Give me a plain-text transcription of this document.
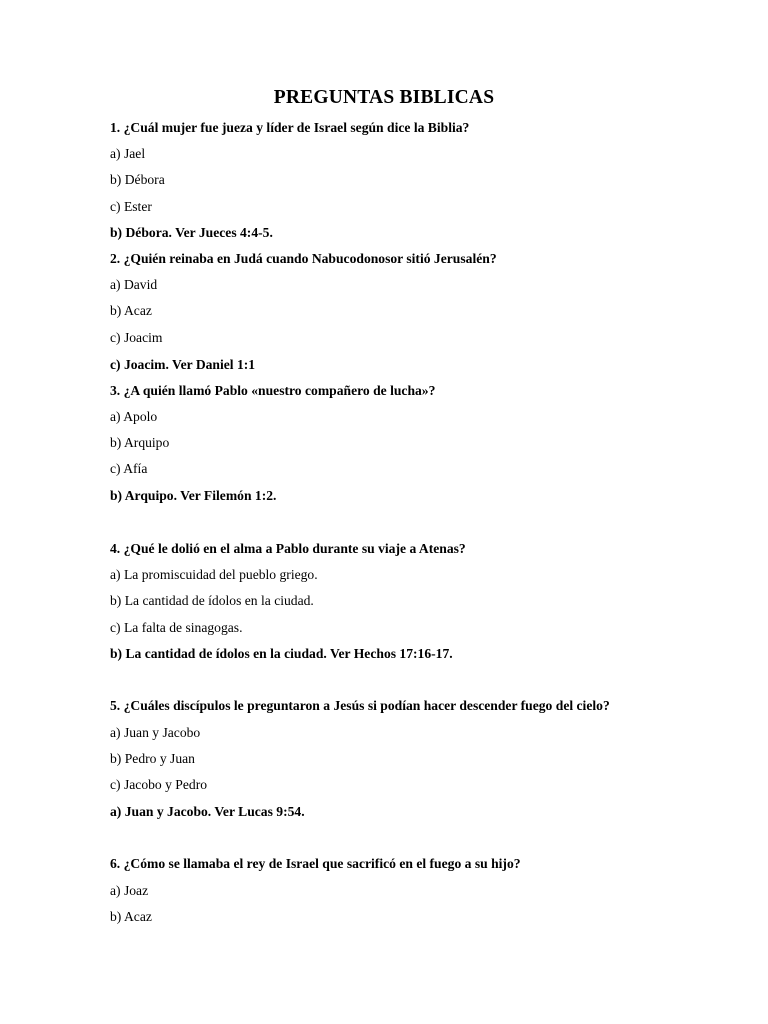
PREGUNTAS BIBLICAS
1. ¿Cuál mujer fue jueza y líder de Israel según dice la Biblia?
a) Jael
b) Débora
c) Ester
b) Débora. Ver Jueces 4:4-5.
2. ¿Quién reinaba en Judá cuando Nabucodonosor sitió Jerusalén?
a) David
b) Acaz
c) Joacim
c) Joacim. Ver Daniel 1:1
3. ¿A quién llamó Pablo «nuestro compañero de lucha»?
a) Apolo
b) Arquipo
c) Afía
b) Arquipo. Ver Filemón 1:2.
4. ¿Qué le dolió en el alma a Pablo durante su viaje a Atenas?
a) La promiscuidad del pueblo griego.
b) La cantidad de ídolos en la ciudad.
c) La falta de sinagogas.
b) La cantidad de ídolos en la ciudad. Ver Hechos 17:16-17.
5. ¿Cuáles discípulos le preguntaron a Jesús si podían hacer descender fuego del cielo?
a) Juan y Jacobo
b) Pedro y Juan
c) Jacobo y Pedro
a) Juan y Jacobo. Ver Lucas 9:54.
6. ¿Cómo se llamaba el rey de Israel que sacrificó en el fuego a su hijo?
a) Joaz
b) Acaz
